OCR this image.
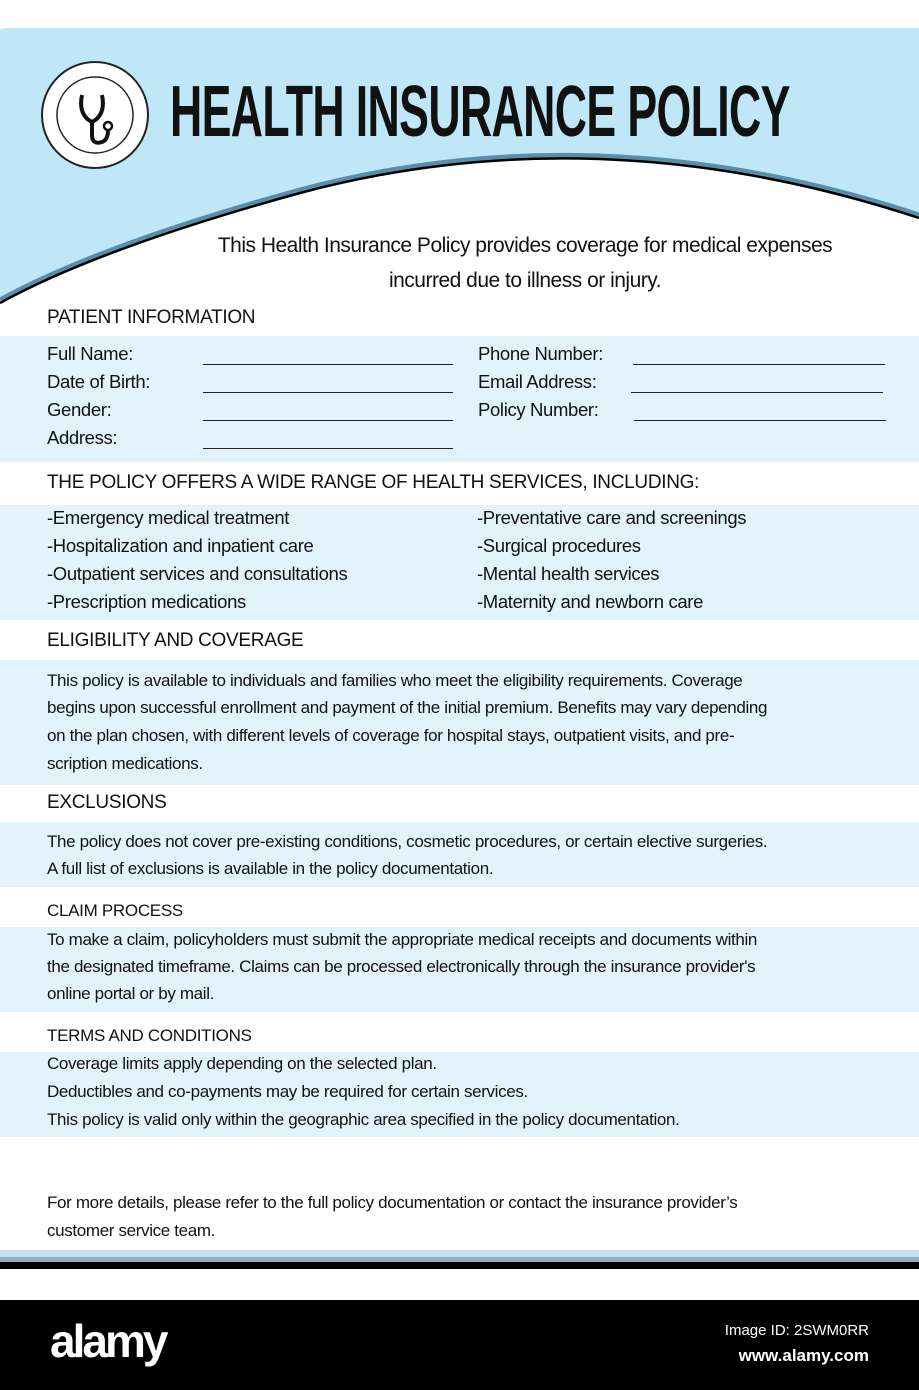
HEALTH INSURANCE POLICY
This Health Insurance Policy provides coverage for medical expenses
incurred due to illness or injury.
PATIENT INFORMATION
Full Name:
Date of Birth:
Gender:
Address:
Phone Number:
Email Address:
Policy Number:
THE POLICY OFFERS A WIDE RANGE OF HEALTH SERVICES, INCLUDING:
-Emergency medical treatment
-Hospitalization and inpatient care
-Outpatient services and consultations
-Prescription medications
-Preventative care and screenings
-Surgical procedures
-Mental health services
-Maternity and newborn care
ELIGIBILITY AND COVERAGE
This policy is available to individuals and families who meet the eligibility requirements. Coverage
begins upon successful enrollment and payment of the initial premium. Benefits may vary depending
on the plan chosen, with different levels of coverage for hospital stays, outpatient visits, and pre-
scription medications.
EXCLUSIONS
The policy does not cover pre-existing conditions, cosmetic procedures, or certain elective surgeries.
A full list of exclusions is available in the policy documentation.
CLAIM PROCESS
To make a claim, policyholders must submit the appropriate medical receipts and documents within
the designated timeframe. Claims can be processed electronically through the insurance provider's
online portal or by mail.
TERMS AND CONDITIONS
Coverage limits apply depending on the selected plan.
Deductibles and co-payments may be required for certain services.
This policy is valid only within the geographic area specified in the policy documentation.
For more details, please refer to the full policy documentation or contact the insurance provider’s
customer service team.
alamy	Image ID: 2SWM0RR
www.alamy.com
